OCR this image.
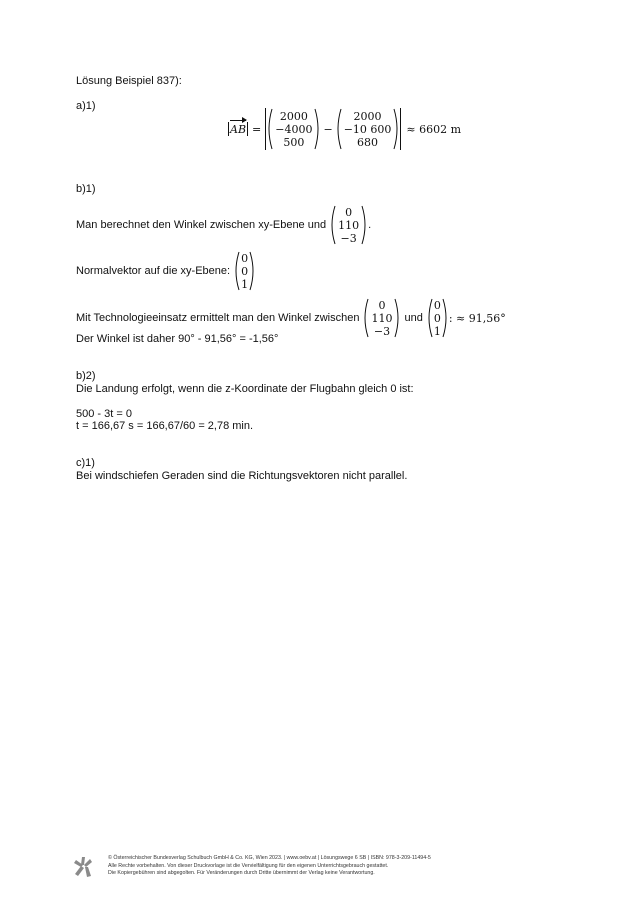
Lösung Beispiel 837):
a)1)
AB =
2000
−4000
500
−
2000
−10 600
680
≈ 6602 m
b)1)
Man berechnet den Winkel zwischen xy-Ebene und
0
110
−3
.
Normalvektor auf die xy-Ebene:
0
0
1
Mit Technologieeinsatz ermittelt man den Winkel zwischen
0
110
−3
und
0
0
1
: ≈ 91,56°
Der Winkel ist daher 90° - 91,56° = -1,56°
b)2)
Die Landung erfolgt, wenn die z-Koordinate der Flugbahn gleich 0 ist:
500 - 3t = 0
t = 166,67 s = 166,67/60 = 2,78 min.
c)1)
Bei windschiefen Geraden sind die Richtungsvektoren nicht parallel.
© Österreichischer Bundesverlag Schulbuch GmbH & Co. KG, Wien 2023. | www.oebv.at | Lösungswege 6 SB | ISBN: 978-3-209-11494-5
Alle Rechte vorbehalten. Von dieser Druckvorlage ist die Vervielfältigung für den eigenen Unterrichtsgebrauch gestattet.
Die Kopiergebühren sind abgegolten. Für Veränderungen durch Dritte übernimmt der Verlag keine Verantwortung.
